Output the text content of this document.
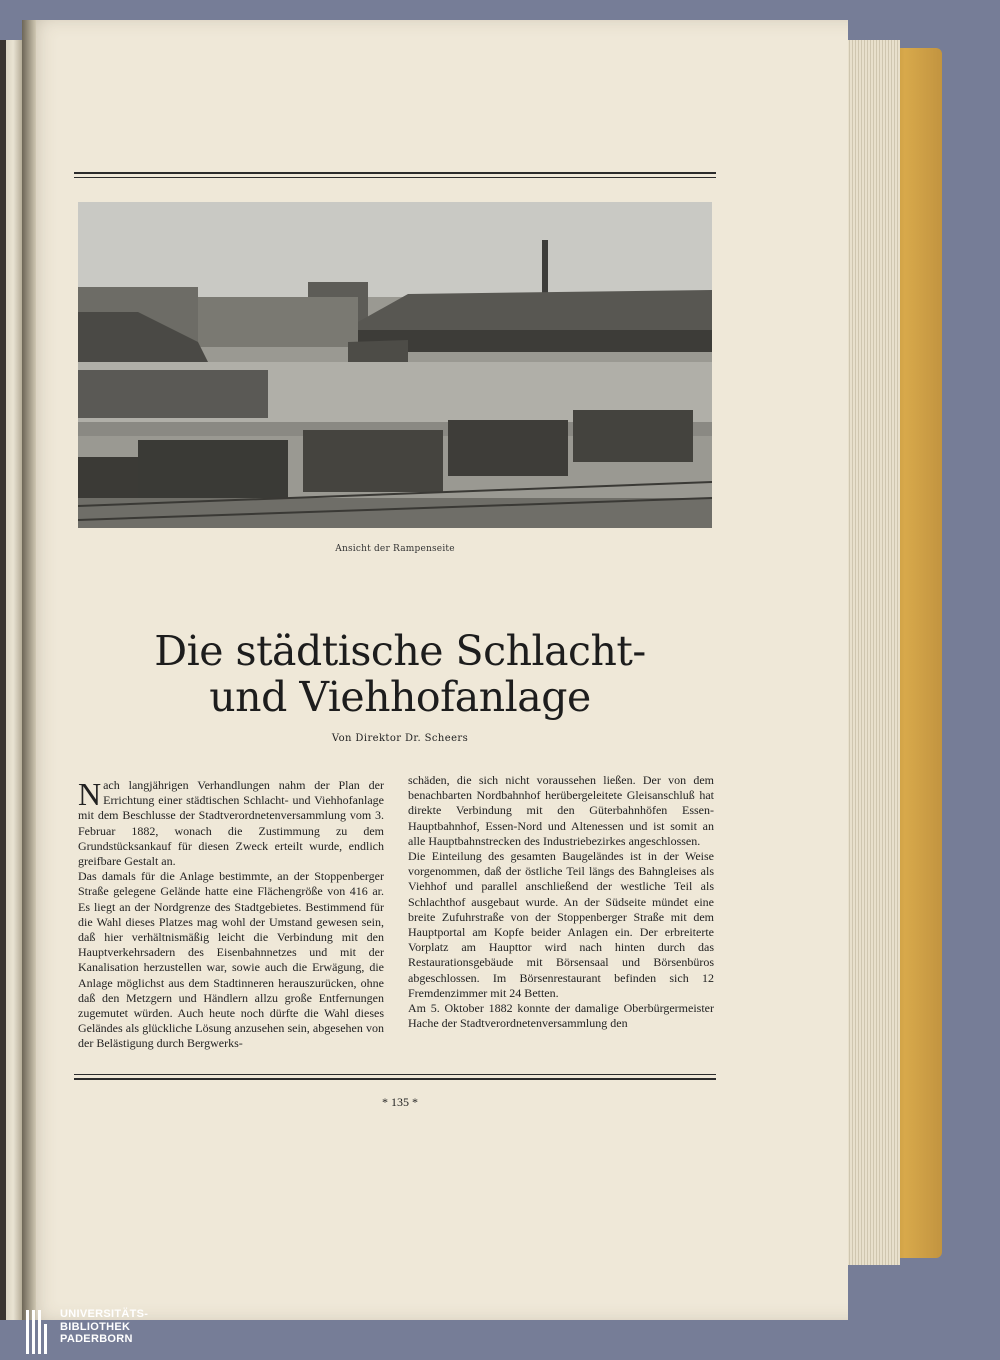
Ansicht der Rampenseite
Die städtische Schlacht-
und Viehhofanlage
Von Direktor Dr. Scheers

Nach langjährigen Verhandlungen nahm der Plan der Errichtung einer städtischen Schlacht- und Viehhofanlage mit dem Beschlusse der Stadtverordnetenversammlung vom 3. Februar 1882, wonach die Zustimmung zu dem Grundstücksankauf für diesen Zweck erteilt wurde, endlich greifbare Gestalt an.

Das damals für die Anlage bestimmte, an der Stoppenberger Straße gelegene Gelände hatte eine Flächengröße von 416 ar. Es liegt an der Nordgrenze des Stadtgebietes. Bestimmend für die Wahl dieses Platzes mag wohl der Umstand gewesen sein, daß hier verhältnismäßig leicht die Verbindung mit den Hauptverkehrsadern des Eisenbahnnetzes und mit der Kanalisation herzustellen war, sowie auch die Erwägung, die Anlage möglichst aus dem Stadtinneren herauszurücken, ohne daß den Metzgern und Händlern allzu große Entfernungen zugemutet würden. Auch heute noch dürfte die Wahl dieses Geländes als glückliche Lösung anzusehen sein, abgesehen von der Belästigung durch Bergwerks-

schäden, die sich nicht voraussehen ließen. Der von dem benachbarten Nordbahnhof herübergeleitete Gleisanschluß hat direkte Verbindung mit den Güterbahnhöfen Essen-Hauptbahnhof, Essen-Nord und Altenessen und ist somit an alle Hauptbahnstrecken des Industriebezirkes angeschlossen.

Die Einteilung des gesamten Baugeländes ist in der Weise vorgenommen, daß der östliche Teil längs des Bahngleises als Viehhof und parallel anschließend der westliche Teil als Schlachthof ausgebaut wurde. An der Südseite mündet eine breite Zufuhrstraße von der Stoppenberger Straße mit dem Hauptportal am Kopfe beider Anlagen ein. Der erbreiterte Vorplatz am Haupttor wird nach hinten durch das Restaurationsgebäude mit Börsensaal und Börsenbüros abgeschlossen. Im Börsenrestaurant befinden sich 12 Fremdenzimmer mit 24 Betten.

Am 5. Oktober 1882 konnte der damalige Oberbürgermeister Hache der Stadtverordnetenversammlung den

* 135 *
UNIVERSITÄTS-
BIBLIOTHEK
PADERBORN
